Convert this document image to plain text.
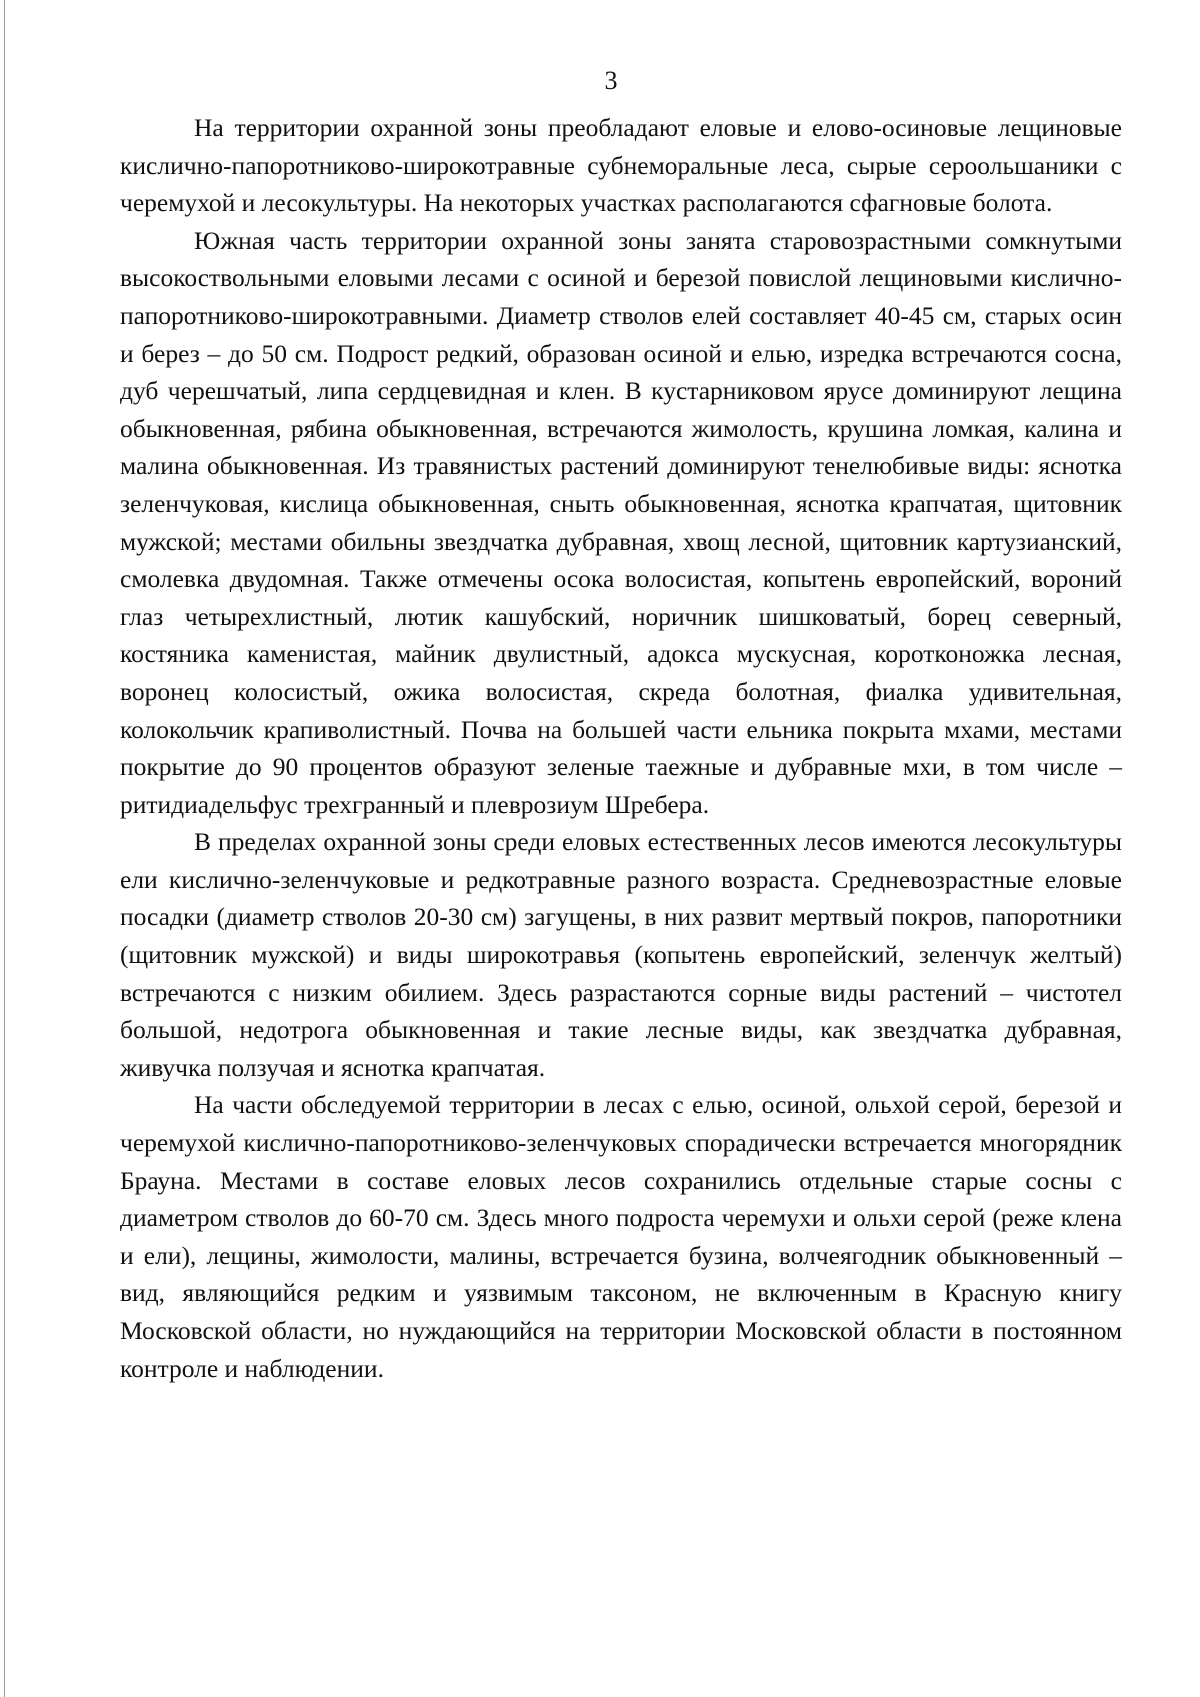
3

На территории охранной зоны преобладают еловые и елово-осиновые лещиновые кислично-папоротниково-широкотравные субнеморальные леса, сырые сероольшаники с черемухой и лесокультуры. На некоторых участках располагаются сфагновые болота.

Южная часть территории охранной зоны занята старовозрастными сомкнутыми высокоствольными еловыми лесами с осиной и березой повислой лещиновыми кислично-папоротниково-широкотравными. Диаметр стволов елей составляет 40-45 см, старых осин и берез – до 50 см. Подрост редкий, образован осиной и елью, изредка встречаются сосна, дуб черешчатый, липа сердцевидная и клен. В кустарниковом ярусе доминируют лещина обыкновенная, рябина обыкновенная, встречаются жимолость, крушина ломкая, калина и малина обыкновенная. Из травянистых растений доминируют тенелюбивые виды: яснотка зеленчуковая, кислица обыкновенная, сныть обыкновенная, яснотка крапчатая, щитовник мужской; местами обильны звездчатка дубравная, хвощ лесной, щитовник картузианский, смолевка двудомная. Также отмечены осока волосистая, копытень европейский, вороний глаз четырехлистный, лютик кашубский, норичник шишковатый, борец северный, костяника каменистая, майник двулистный, адокса мускусная, коротконожка лесная, воронец колосистый, ожика волосистая, скреда болотная, фиалка удивительная, колокольчик крапиволистный. Почва на большей части ельника покрыта мхами, местами покрытие до 90 процентов образуют зеленые таежные и дубравные мхи, в том числе – ритидиадельфус трехгранный и плеврозиум Шребера.

В пределах охранной зоны среди еловых естественных лесов имеются лесокультуры ели кислично-зеленчуковые и редкотравные разного возраста. Средневозрастные еловые посадки (диаметр стволов 20-30 см) загущены, в них развит мертвый покров, папоротники (щитовник мужской) и виды широкотравья (копытень европейский, зеленчук желтый) встречаются с низким обилием. Здесь разрастаются сорные виды растений – чистотел большой, недотрога обыкновенная и такие лесные виды, как звездчатка дубравная, живучка ползучая и яснотка крапчатая.

На части обследуемой территории в лесах с елью, осиной, ольхой серой, березой и черемухой кислично-папоротниково-зеленчуковых спорадически встречается многорядник Брауна. Местами в составе еловых лесов сохранились отдельные старые сосны с диаметром стволов до 60-70 см. Здесь много подроста черемухи и ольхи серой (реже клена и ели), лещины, жимолости, малины, встречается бузина, волчеягодник обыкновенный – вид, являющийся редким и уязвимым таксоном, не включенным в Красную книгу Московской области, но нуждающийся на территории Московской области в постоянном контроле и наблюдении.
